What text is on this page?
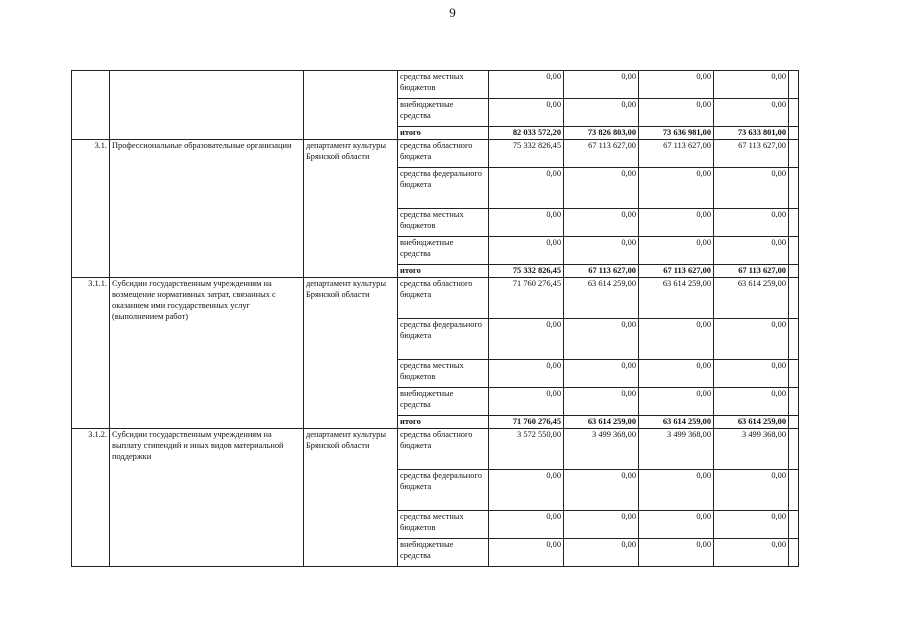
9
			средства местных бюджетов	0,00	0,00	0,00	0,00	
			внебюджетные средства	0,00	0,00	0,00	0,00	
			итого	82 033 572,20	73 826 803,00	73 636 981,00	73 633 801,00	
3.1.	Профессиональные образовательные организации	департамент культуры Брянской области	средства областного бюджета	75 332 826,45	67 113 627,00	67 113 627,00	67 113 627,00	
			средства федерального бюджета	0,00	0,00	0,00	0,00	
			средства местных бюджетов	0,00	0,00	0,00	0,00	
			внебюджетные средства	0,00	0,00	0,00	0,00	
			итого	75 332 826,45	67 113 627,00	67 113 627,00	67 113 627,00	
3.1.1.	Субсидии государственным учреждениям на возмещение нормативных затрат, связанных с оказанием ими государственных услуг (выполнением работ)	департамент культуры Брянской области	средства областного бюджета	71 760 276,45	63 614 259,00	63 614 259,00	63 614 259,00	
			средства федерального бюджета	0,00	0,00	0,00	0,00	
			средства местных бюджетов	0,00	0,00	0,00	0,00	
			внебюджетные средства	0,00	0,00	0,00	0,00	
			итого	71 760 276,45	63 614 259,00	63 614 259,00	63 614 259,00	
3.1.2.	Субсидии государственным учреждениям на выплату стипендий и иных видов материальной поддержки	департамент культуры Брянской области	средства областного бюджета	3 572 550,00	3 499 368,00	3 499 368,00	3 499 368,00	
			средства федерального бюджета	0,00	0,00	0,00	0,00	
			средства местных бюджетов	0,00	0,00	0,00	0,00	
			внебюджетные средства	0,00	0,00	0,00	0,00	
